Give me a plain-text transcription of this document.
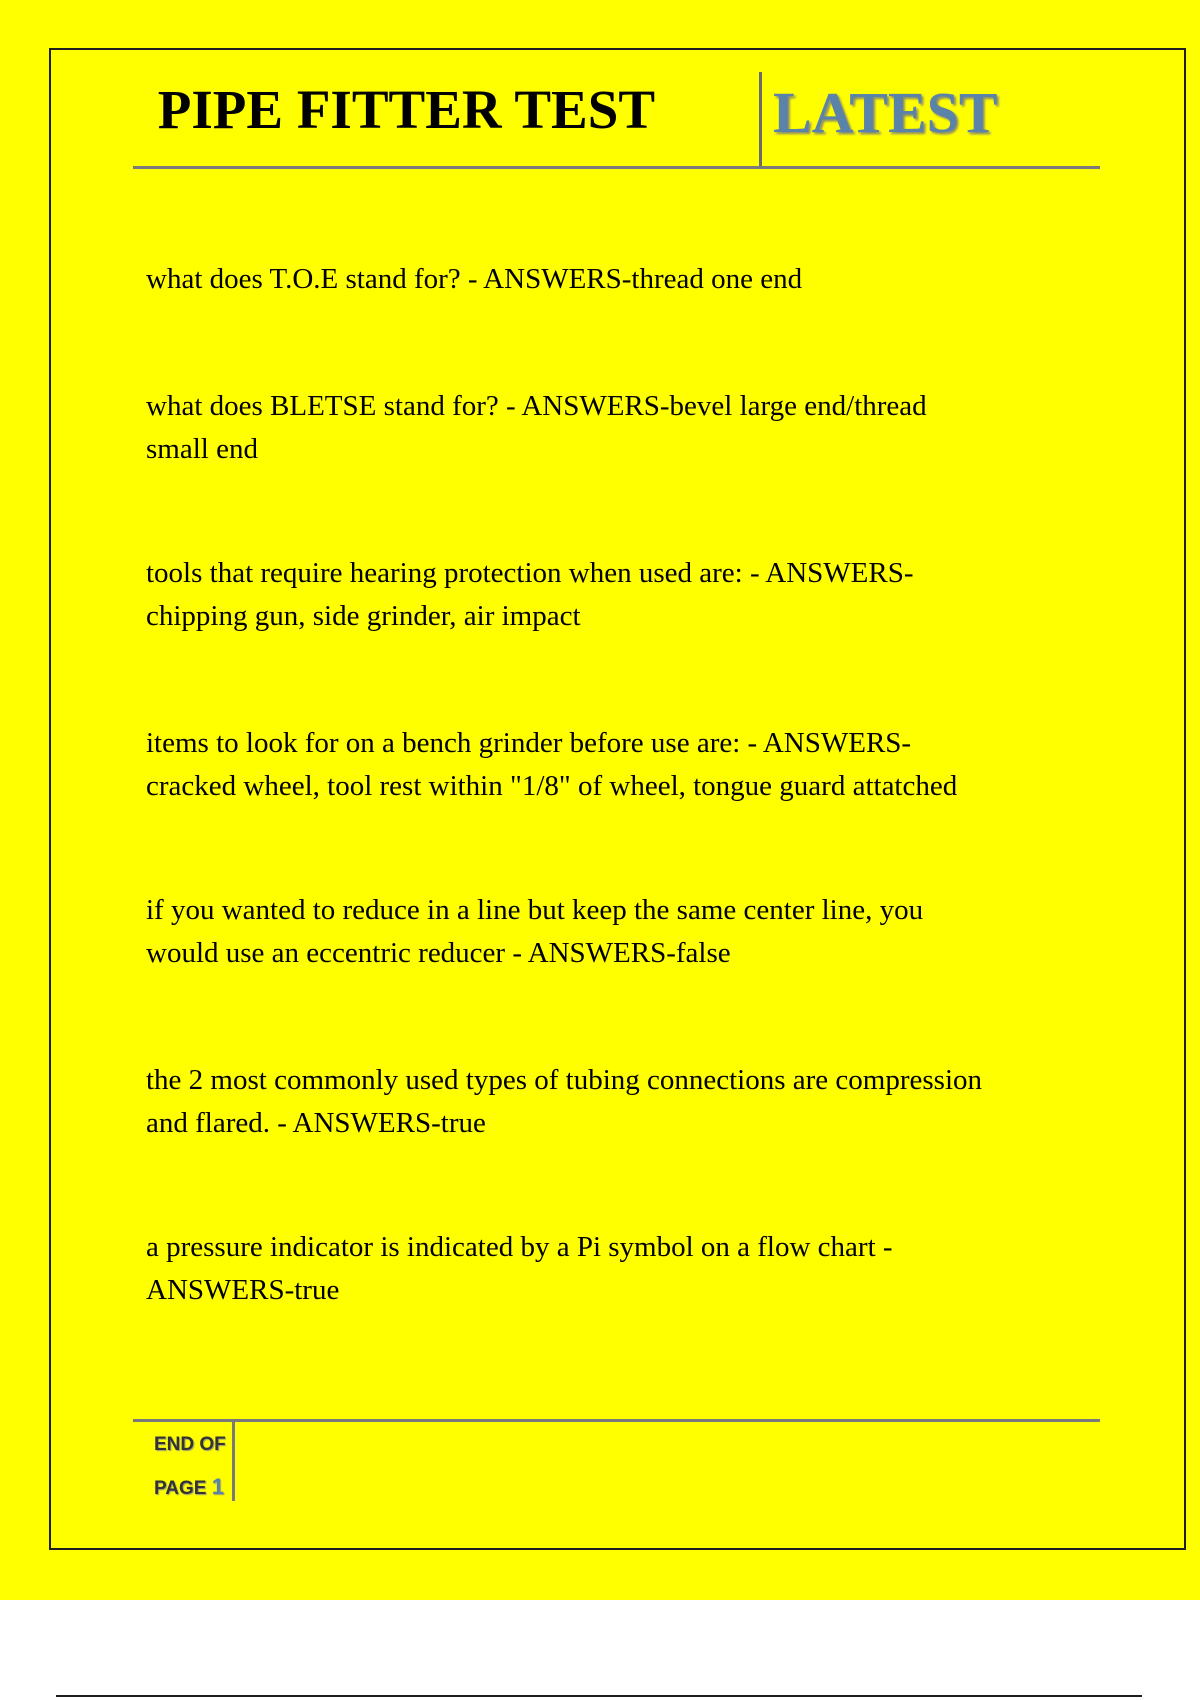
PIPE FITTER TEST LATEST
what does T.O.E stand for? - ANSWERS-thread one end
what does BLETSE stand for? - ANSWERS-bevel large end/thread
small end
tools that require hearing protection when used are: - ANSWERS-
chipping gun, side grinder, air impact
items to look for on a bench grinder before use are: - ANSWERS-
cracked wheel, tool rest within "1/8" of wheel, tongue guard attatched
if you wanted to reduce in a line but keep the same center line, you
would use an eccentric reducer - ANSWERS-false
the 2 most commonly used types of tubing connections are compression
and flared. - ANSWERS-true
a pressure indicator is indicated by a Pi symbol on a flow chart -
ANSWERS-true
END OF
PAGE 1
